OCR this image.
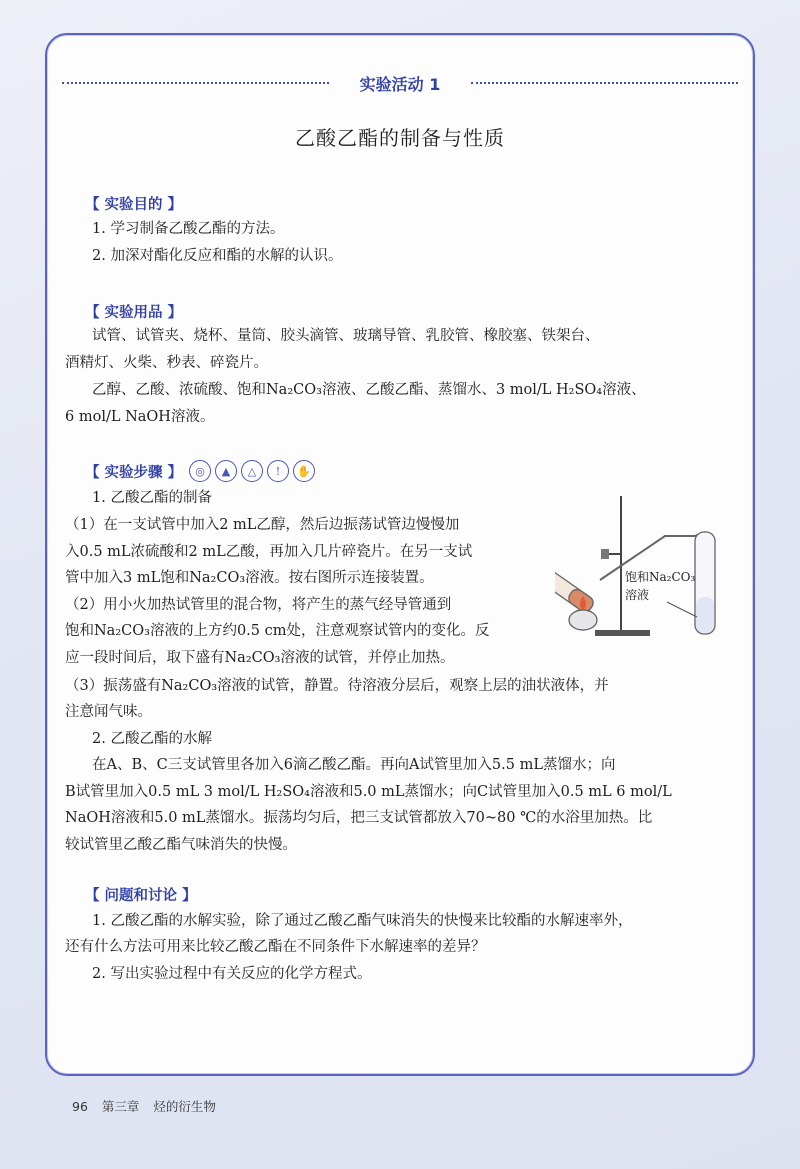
实验活动 1
乙酸乙酯的制备与性质
【 实验目的 】
1. 学习制备乙酸乙酯的方法。
2. 加深对酯化反应和酯的水解的认识。
【 实验用品 】
试管、试管夹、烧杯、量筒、胶头滴管、玻璃导管、乳胶管、橡胶塞、铁架台、
酒精灯、火柴、秒表、碎瓷片。
乙醇、乙酸、浓硫酸、饱和Na₂CO₃溶液、乙酸乙酯、蒸馏水、3 mol/L H₂SO₄溶液、
6 mol/L NaOH溶液。
【 实验步骤 】	◎	▲	△	!	✋
1. 乙酸乙酯的制备
（1）在一支试管中加入2 mL乙醇，然后边振荡试管边慢慢加
入0.5 mL浓硫酸和2 mL乙酸，再加入几片碎瓷片。在另一支试
管中加入3 mL饱和Na₂CO₃溶液。按右图所示连接装置。
（2）用小火加热试管里的混合物，将产生的蒸气经导管通到
饱和Na₂CO₃溶液的上方约0.5 cm处，注意观察试管内的变化。反
应一段时间后，取下盛有Na₂CO₃溶液的试管，并停止加热。
（3）振荡盛有Na₂CO₃溶液的试管，静置。待溶液分层后，观察上层的油状液体，并
注意闻气味。
2. 乙酸乙酯的水解
在A、B、C三支试管里各加入6滴乙酸乙酯。再向A试管里加入5.5 mL蒸馏水；向
B试管里加入0.5 mL 3 mol/L H₂SO₄溶液和5.0 mL蒸馏水；向C试管里加入0.5 mL 6 mol/L
NaOH溶液和5.0 mL蒸馏水。振荡均匀后，把三支试管都放入70~80 ℃的水浴里加热。比
较试管里乙酸乙酯气味消失的快慢。
饱和Na₂CO₃
溶液
【 问题和讨论 】
1. 乙酸乙酯的水解实验，除了通过乙酸乙酯气味消失的快慢来比较酯的水解速率外，
还有什么方法可用来比较乙酸乙酯在不同条件下水解速率的差异？
2. 写出实验过程中有关反应的化学方程式。
96 第三章 烃的衍生物
